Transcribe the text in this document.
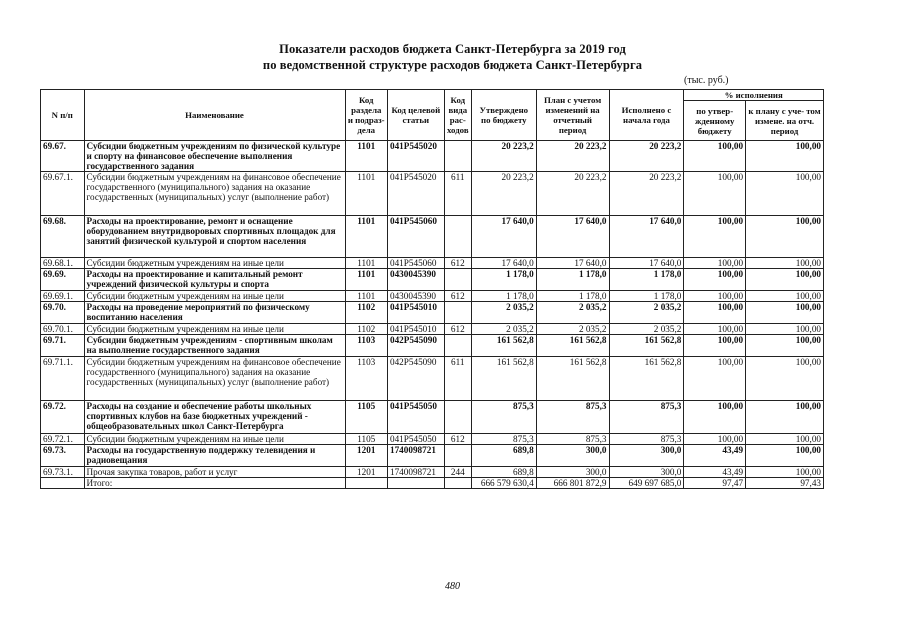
Показатели расходов бюджета Санкт-Петербурга за 2019 год
по ведомственной структуре расходов бюджета Санкт-Петербурга
(тыс. руб.)
N п/п	Наименование	Код раздела и подраз- дела	Код целевой статьи	Код вида рас- ходов	Утверждено по бюджету	План с учетом изменений на отчетный период	Исполнено с начала года	% исполнения	
								по утвер- жденному бюджету	к плану с уче- том измене. на отч. период
69.67.	Субсидии бюджетным учреждениям по физической культуре и спорту на финансовое обеспечение выполнения государственного задания	1101	041P545020		20 223,2	20 223,2	20 223,2	100,00	100,00
69.67.1.	Субсидии бюджетным учреждениям на финансовое обеспечение государственного (муниципального) задания на оказание государственных (муниципальных) услуг (выполнение работ)	1101	041P545020	611	20 223,2	20 223,2	20 223,2	100,00	100,00
69.68.	Расходы на проектирование, ремонт и оснащение оборудованием внутридворовых спортивных площадок для занятий физической культурой и спортом населения	1101	041P545060		17 640,0	17 640,0	17 640,0	100,00	100,00
69.68.1.	Субсидии бюджетным учреждениям на иные цели	1101	041P545060	612	17 640,0	17 640,0	17 640,0	100,00	100,00
69.69.	Расходы на проектирование и капитальный ремонт учреждений физической культуры и спорта	1101	0430045390		1 178,0	1 178,0	1 178,0	100,00	100,00
69.69.1.	Субсидии бюджетным учреждениям на иные цели	1101	0430045390	612	1 178,0	1 178,0	1 178,0	100,00	100,00
69.70.	Расходы на проведение мероприятий по физическому воспитанию населения	1102	041P545010		2 035,2	2 035,2	2 035,2	100,00	100,00
69.70.1.	Субсидии бюджетным учреждениям на иные цели	1102	041P545010	612	2 035,2	2 035,2	2 035,2	100,00	100,00
69.71.	Субсидии бюджетным учреждениям - спортивным школам на выполнение государственного задания	1103	042P545090		161 562,8	161 562,8	161 562,8	100,00	100,00
69.71.1.	Субсидии бюджетным учреждениям на финансовое обеспечение государственного (муниципального) задания на оказание государственных (муниципальных) услуг (выполнение работ)	1103	042P545090	611	161 562,8	161 562,8	161 562,8	100,00	100,00
69.72.	Расходы на создание и обеспечение работы школьных спортивных клубов на базе бюджетных учреждений - общеобразовательных школ Санкт-Петербурга	1105	041P545050		875,3	875,3	875,3	100,00	100,00
69.72.1.	Субсидии бюджетным учреждениям на иные цели	1105	041P545050	612	875,3	875,3	875,3	100,00	100,00
69.73.	Расходы на государственную поддержку телевидения и радиовещания	1201	1740098721		689,8	300,0	300,0	43,49	100,00
69.73.1.	Прочая закупка товаров, работ и услуг	1201	1740098721	244	689,8	300,0	300,0	43,49	100,00
	Итого:				666 579 630,4	666 801 872,9	649 697 685,0	97,47	97,43
480
